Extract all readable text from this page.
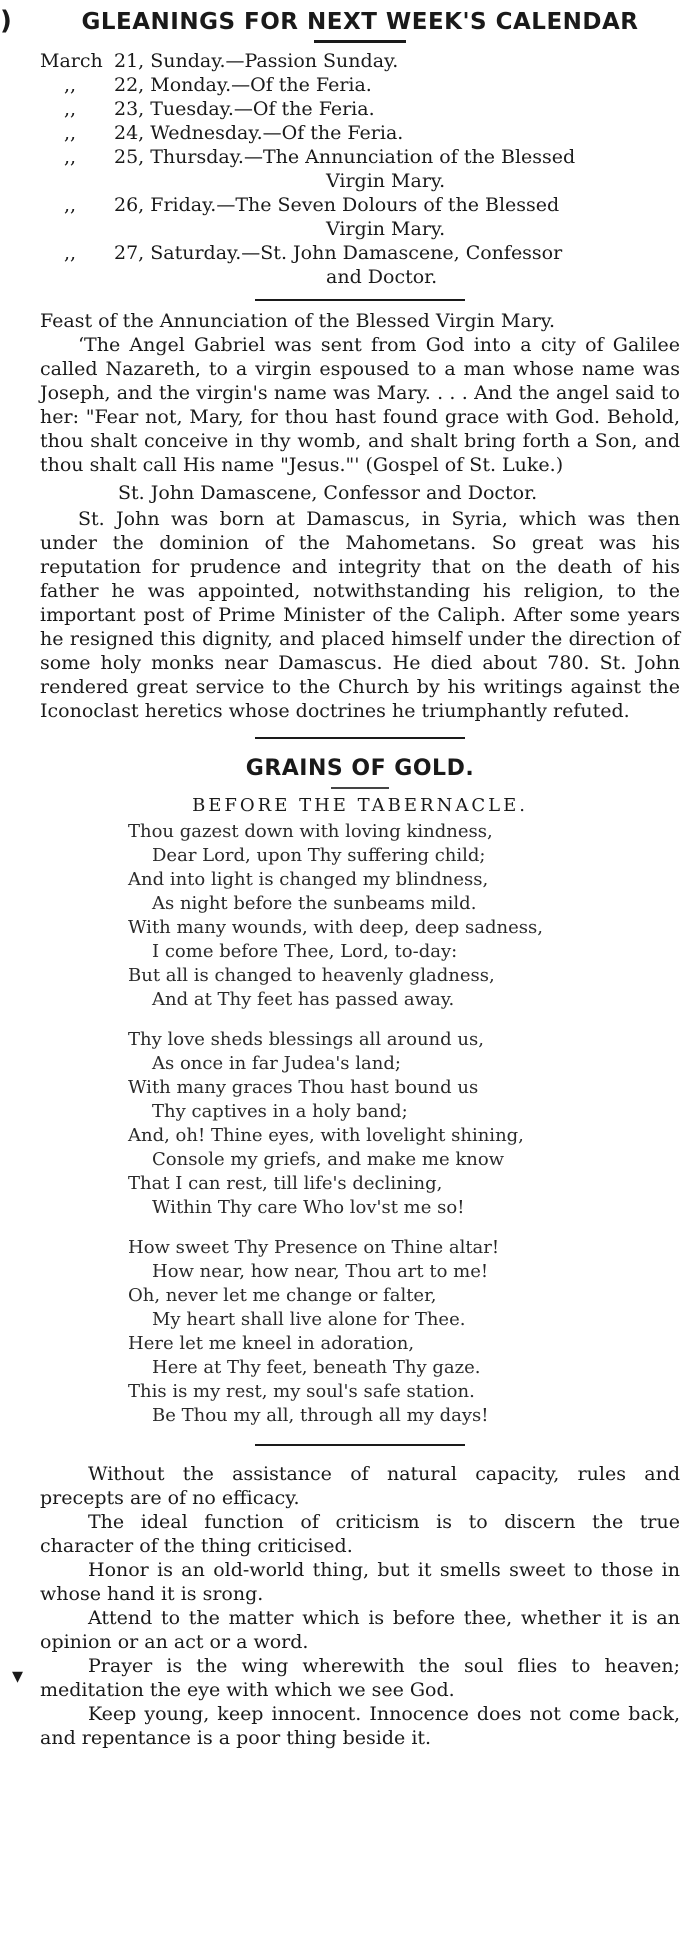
)
▾
GLEANINGS FOR NEXT WEEK'S CALENDAR
March 21, Sunday.—Passion Sunday.
,,	22, Monday.—Of the Feria.
,,	23, Tuesday.—Of the Feria.
,,	24, Wednesday.—Of the Feria.
,,	25, Thursday.—The Annunciation of the Blessed
Virgin Mary.
,,	26, Friday.—The Seven Dolours of the Blessed
Virgin Mary.
,,	27, Saturday.—St. John Damascene, Confessor
and Doctor.
Feast of the Annunciation of the Blessed Virgin Mary.

‘The Angel Gabriel was sent from God into a city of Galilee called Nazareth, to a virgin espoused to a man whose name was Joseph, and the virgin's name was Mary. . . . And the angel said to her: "Fear not, Mary, for thou hast found grace with God. Behold, thou shalt conceive in thy womb, and shalt bring forth a Son, and thou shalt call His name "Jesus."' (Gospel of St. Luke.)

St. John Damascene, Confessor and Doctor.

St. John was born at Damascus, in Syria, which was then under the dominion of the Mahometans. So great was his reputation for prudence and integrity that on the death of his father he was appointed, notwithstanding his religion, to the important post of Prime Minister of the Caliph. After some years he resigned this dignity, and placed himself under the direction of some holy monks near Damascus. He died about 780. St. John rendered great service to the Church by his writings against the Iconoclast heretics whose doctrines he triumphantly refuted.

GRAINS OF GOLD.
BEFORE THE TABERNACLE.
Thou gazest down with loving kindness,
Dear Lord, upon Thy suffering child;
And into light is changed my blindness,
As night before the sunbeams mild.
With many wounds, with deep, deep sadness,
I come before Thee, Lord, to-day:
But all is changed to heavenly gladness,
And at Thy feet has passed away.
Thy love sheds blessings all around us,
As once in far Judea's land;
With many graces Thou hast bound us
Thy captives in a holy band;
And, oh! Thine eyes, with lovelight shining,
Console my griefs, and make me know
That I can rest, till life's declining,
Within Thy care Who lov'st me so!
How sweet Thy Presence on Thine altar!
How near, how near, Thou art to me!
Oh, never let me change or falter,
My heart shall live alone for Thee.
Here let me kneel in adoration,
Here at Thy feet, beneath Thy gaze.
This is my rest, my soul's safe station.
Be Thou my all, through all my days!

Without the assistance of natural capacity, rules and precepts are of no efficacy.

The ideal function of criticism is to discern the true character of the thing criticised.

Honor is an old-world thing, but it smells sweet to those in whose hand it is srong.

Attend to the matter which is before thee, whether it is an opinion or an act or a word.

Prayer is the wing wherewith the soul flies to heaven; meditation the eye with which we see God.

Keep young, keep innocent. Innocence does not come back, and repentance is a poor thing beside it.
